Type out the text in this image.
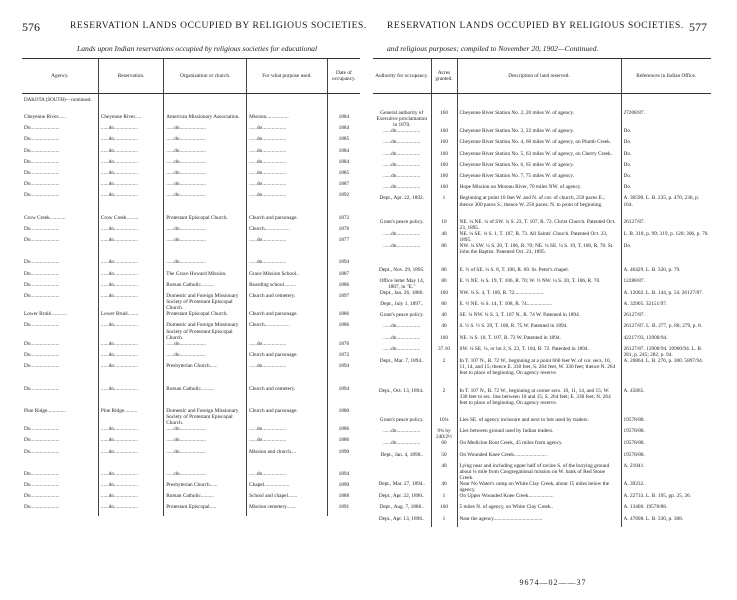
576	RESERVATION LANDS OCCUPIED BY RELIGIOUS SOCIETIES.
Lands upon Indian reservations occupied by religious societies for educational
Agency.	Reservation.	Organization or church.	For what purpose used.	Date of occupancy.
DAKOTA (SOUTH)—continued.				
Cheyenne River......	Cheyenne River.....	American Missionary Association.	Mission.................	1884
Do......................	......do..................	......do....................	......do..................	1884
Do......................	......do..................	......do....................	......do..................	1885
Do......................	......do..................	......do....................	......do..................	1884
Do......................	......do..................	......do....................	......do..................	1884
Do......................	......do..................	......do....................	......do..................	1885
Do......................	......do..................	......do....................	......do..................	1887
Do......................	......do..................	......do....................	......do..................	1892

Crow Creek............	Crow Creek.........	Protestant Episcopal Church.	Church and parsonage.	1872
Do......................	......do..................	......do....................	Church...................	1876
Do......................	......do..................	......do....................	......do..................	1877

Do......................	......do..................	......do....................	......do..................	1894
Do......................	......do..................	The Grace Howard Mission.	Grace Mission School..	1887
Do......................	......do..................	Roman Catholic..........	Boarding school.........	1886
Do......................	......do..................	Domestic and Foreign Missionary Society of Protestant Episcopal Church.	Church and cemetery.	1897
Lower Brulé............	Lower Brulé........	Protestant Episcopal Church.	Church and parsonage.	1886
Do......................	......do..................	Domestic and Foreign Missionary Society of Protestant Episcopal Church.	Church...................	1886
Do......................	......do..................	......do....................	......do..................	1876
Do......................	......do..................	......do....................	Church and parsonage.	1872
Do......................	......do..................	Presbyterian Church......	......do..................	1894

Do......................	......do..................	Roman Catholic..........	Church and cemetery.	1894

Pine Ridge..............	Pine Ridge..........	Domestic and Foreign Missionary Society of Protestant Episcopal Church.	Church and parsonage.	1880
Do......................	......do..................	......do....................	......do..................	1886
Do......................	......do..................	......do....................	......do..................	1886
Do......................	......do..................	......do....................	Mission and church....	1890

Do......................	......do..................	......do....................	......do..................	1894
Do......................	......do..................	Presbyterian Church......	Chapel...................	1890
Do......................	......do..................	Roman Catholic..........	School and chapel.......	1888
Do......................	......do..................	Protestant Episcopal.....	Mission cemetery.......	1891
RESERVATION LANDS OCCUPIED BY RELIGIOUS SOCIETIES. 577
and religious purposes; compiled to November 20, 1902—Continued.
Authority for occupancy.	Acres granted.	Description of land reserved.	References in Indian Office.

General authority of Executive proclamation in 1870.	160	Cheyenne River Station No. 2, 20 miles W. of agency.	27208/87.
......do..................	160	Cheyenne River Station No. 3, 22 miles W. of agency.	Do.
......do..................	160	Cheyenne River Station No. 4, 60 miles W. of agency, on Plumb Creek.	Do.
......do..................	160	Cheyenne River Station No. 5, 63 miles W. of agency, on Cherry Creek.	Do.
......do..................	160	Cheyenne River Station No. 6, 65 miles W. of agency.	Do.
......do..................	160	Cheyenne River Station No. 7, 75 miles W. of agency.	Do.
......do..................	160	Hope Mission on Moreau River, 70 miles NW. of agency.	Do.
Dept., Apr. 22, 1892.	1	Beginning at point 10 feet W. and N. of cor. of church, 250 paces E.; thence 300 paces S.; thence W. 250 paces; N. to point of beginning.	A. 30590. L. B. 235, p. 476; 236, p. 164.

Grant's peace policy.	10	NE. ¼ NE. ¼ of SW. ¼ S. 23, T. 107, R. 72. Christ Church. Patented Oct. 23, 1895.	26127/87.
......do..................	40	NE. ¼ SE. ¼ S. 1, T. 107, R. 73. All Saints' Church. Patented Oct. 23, 1895.	L. B. 318, p. 99; 319, p. 120; 306, p. 70.
......do..................	80	NW. ¼ SW. ¼ S. 20, T. 106, R. 70; NE. ¼ SE. ¼ S. 19, T. 106, R. 70. St. John the Baptist. Patented Oct. 23, 1895.	Do.

Dept., Nov. 29, 1895.	80	E. ½ of SE. ¼ S. 8, T. 106, R. 69. St. Peter's chapel.	A. 46429. L. B. 320, p. 79.
Office letter May 14, 1887, in "E."	80	E. ½ NE. ¼ S. 19, T. 106, R. 70; W. ½ NW. ¼ S. 20, T. 106, R. 70.	12288/87.
Dept., Jan. 26, 1886.	160	NW. ¼ S. 4, T. 106, R. 72.......................	A. 12002. L. B. 144, p. 54. 26127/87.
Dept., July 1, 1897..	80	E. ½ NE. ¼ S. 14, T. 108, R. 74...................	A. 32905. 32151/97.
Grant's peace policy.	40	SE. ¼ NW. ¼ S. 3, T. 107 N., R. 74 W. Patented in 1894.	26127/87.
......do..................	40	S. ½ S. ½ S. 29, T. 108, R. 75 W. Patented in 1894.	26127/87. L. B. 277, p. 80; 279, p. 8.
......do..................	160	NE. ¼ S. 10, T. 107, R. 73 W. Patented in 1894.	42217/93, 13900/94.
......do..................	37.10	SW. ¼ SE. ¼, or lot 2, S. 23, T. 104, R. 72. Patented in 1894.	26127/87. 13900/94. 20960/94. L. B. 281, p. 245; 282, p. 94.
Dept., Mar. 7, 1894..	2	In T. 107 N., R. 72 W., beginning at a point 660 feet W. of cor. secs. 10, 11, 14, and 15; thence E. 330 feet, S. 264 feet, W. 330 feet; thence N. 264 feet to place of beginning. On agency reserve.	A. 20864. L. B. 276, p. 300. 5897/94.

Dept., Oct. 13, 1894..	2	In T. 107 N., R. 72 W., beginning at corner secs. 10, 11, 14, and 15; W. 330 feet to sec. line between 10 and 15; S. 264 feet; E. 330 feet; N. 264 feet to place of beginning. On agency reserve.	A. 45865.

Grant's peace policy.	10¼	Lies SE. of agency inclosure and next to lots used by traders.	19578/88.
......do..................	9¾ by 240/2½	Lies between ground used by Indian traders.	19578/88.
......do..................	60	On Medicine Root Creek, 45 miles from agency.	19578/88.
Dept., Jan. 4, 1890..	50	On Wounded Knee Creek.........................	19578/88.
	40	Lying near and including upper half of ravine S. of the burying ground about ¼ mile from Congregational mission on W. bank of Red Stone Creek.	A. 21841.
Dept., Mar. 27, 1894..	40	Near No Water's camp on White Clay Creek, about 15 miles below the agency.	A. 39232.
Dept., Apr. 22, 1890..	1	On Upper Wounded Knee Creek...................	A. 22733. L. B. 195, pp. 25, 26.
Dept., Aug. 7, 1886..	160	5 miles N. of agency, on White Clay Creek..	A. 13400. 19578/88.
Dept., Apr. 13, 1896..	1	Near the agency.....................................	A. 47808. L. B. 330, p. 368.
9674—02——37
